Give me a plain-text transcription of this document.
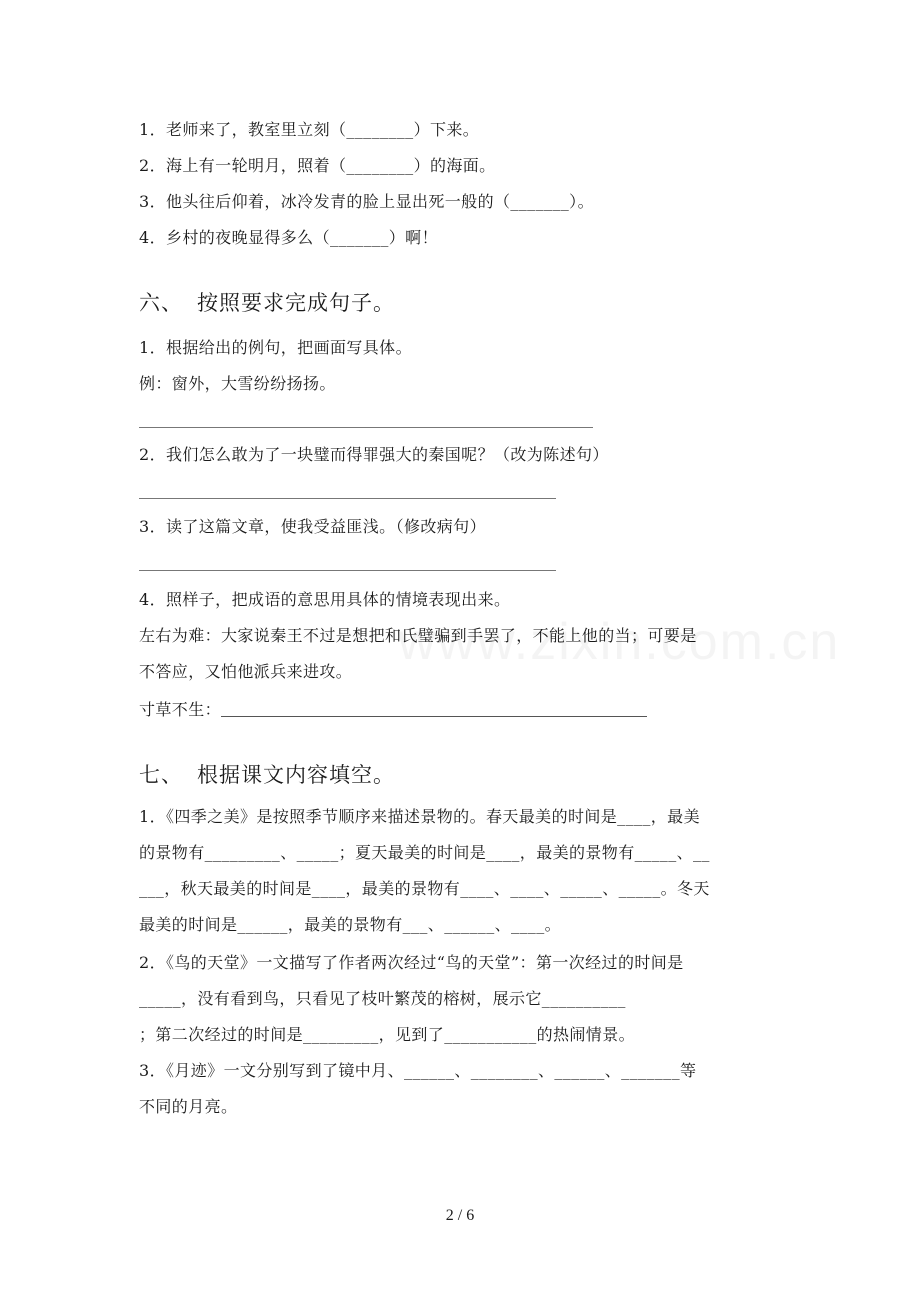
1．老师来了，教室里立刻（________）下来。
2．海上有一轮明月，照着（________）的海面。
3．他头往后仰着，冰冷发青的脸上显出死一般的（_______）。
4．乡村的夜晚显得多么（_______）啊！
六、 按照要求完成句子。
1．根据给出的例句，把画面写具体。
例：窗外，大雪纷纷扬扬。
2．我们怎么敢为了一块璧而得罪强大的秦国呢？（改为陈述句）
3．读了这篇文章，使我受益匪浅。（修改病句）
4．照样子，把成语的意思用具体的情境表现出来。
左右为难：大家说秦王不过是想把和氏璧骗到手罢了，不能上他的当；可要是
不答应，又怕他派兵来进攻。
寸草不生：
七、 根据课文内容填空。
1．《四季之美》是按照季节顺序来描述景物的。春天最美的时间是____，最美
的景物有_________、_____；夏天最美的时间是____，最美的景物有_____、__
___，秋天最美的时间是____，最美的景物有____、____、_____、_____。冬天
最美的时间是______，最美的景物有___、______、____。
2．《鸟的天堂》一文描写了作者两次经过“鸟的天堂”：第一次经过的时间是
_____，没有看到鸟，只看见了枝叶繁茂的榕树，展示它__________
；第二次经过的时间是_________，见到了___________的热闹情景。
3．《月迹》一文分别写到了镜中月、______、________、______、_______等
不同的月亮。
2 / 6
